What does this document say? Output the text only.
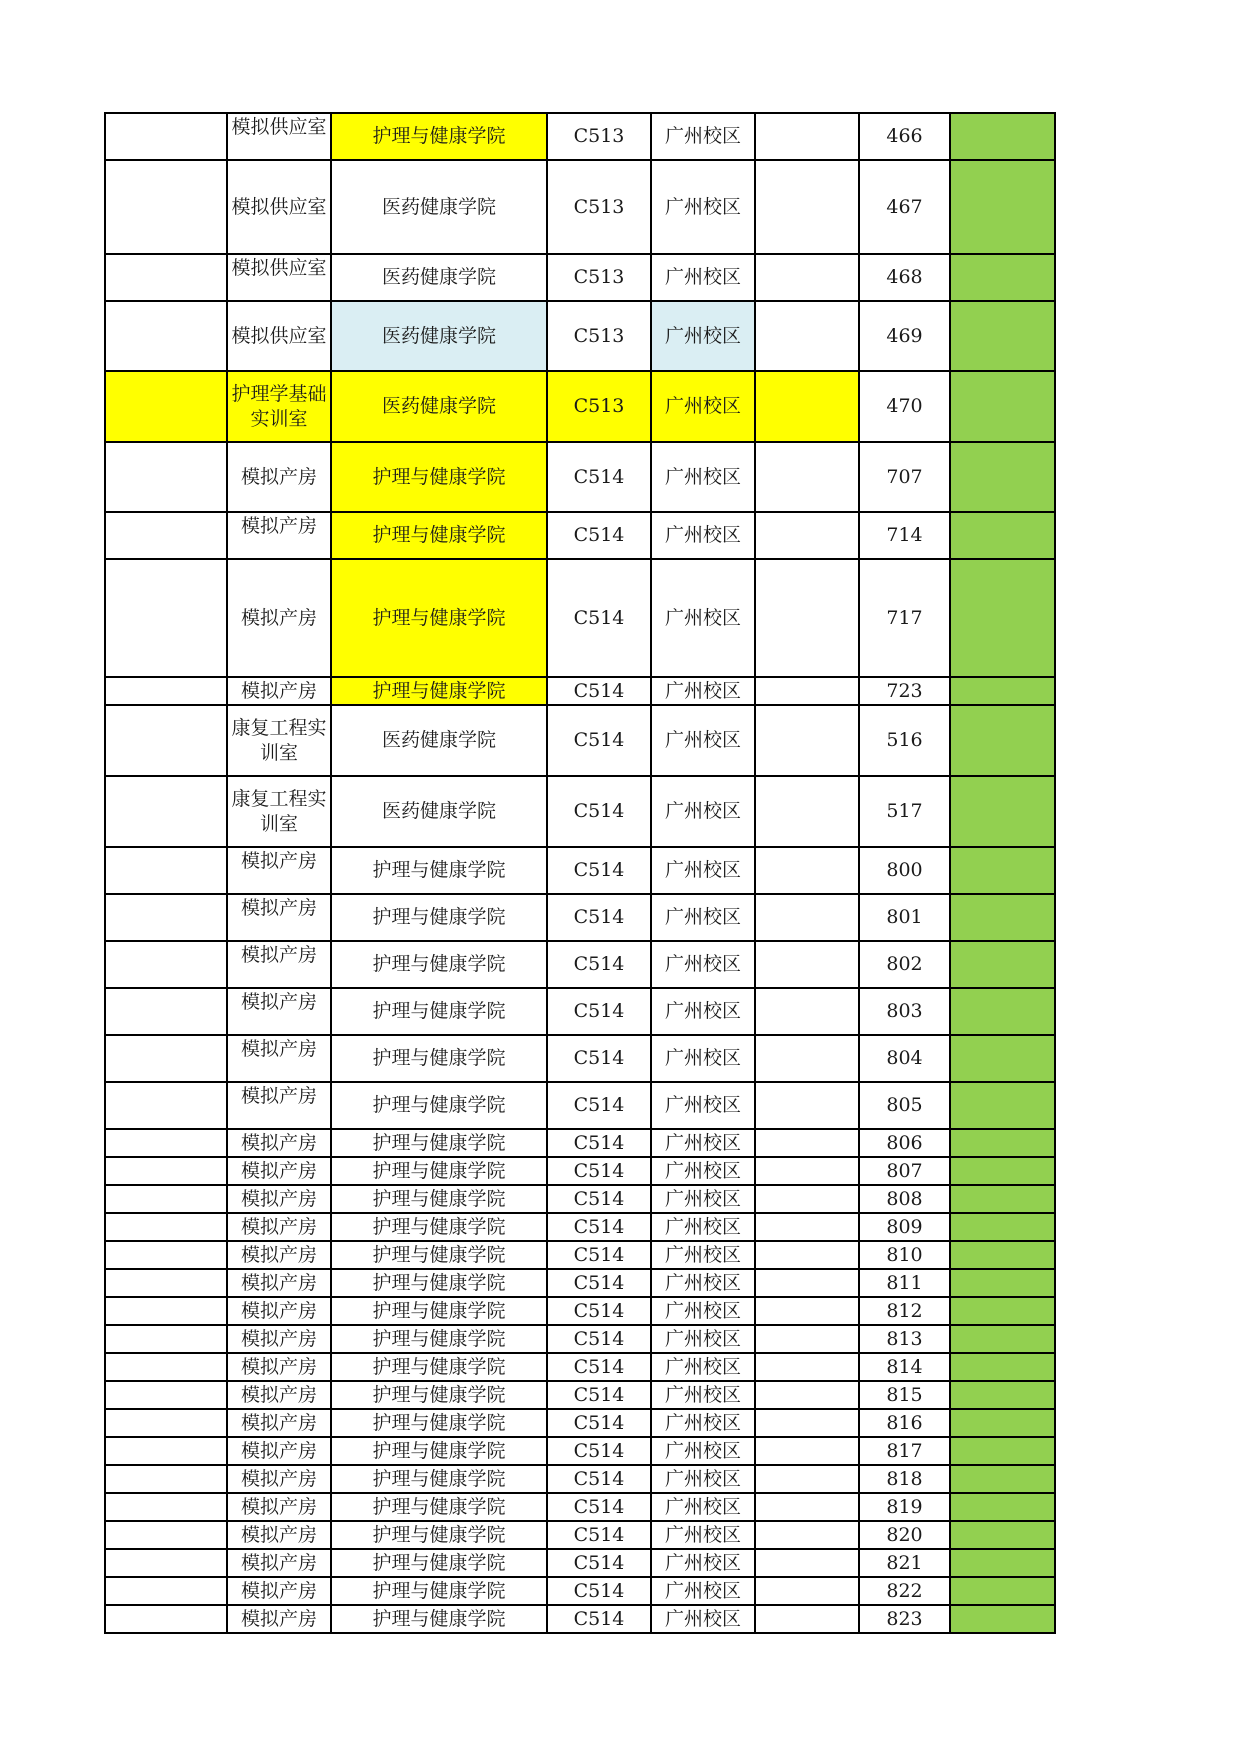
	模拟供应室	护理与健康学院	C513	广州校区		466	
	模拟供应室	医药健康学院	C513	广州校区		467	

	模拟供应室	医药健康学院	C513	广州校区		468	
	模拟供应室	医药健康学院	C513	广州校区		469	
	护理学基础实训室	医药健康学院	C513	广州校区		470	
	模拟产房	护理与健康学院	C514	广州校区		707	

	模拟产房	护理与健康学院	C514	广州校区		714	
	模拟产房	护理与健康学院	C514	广州校区		717	

	模拟产房	护理与健康学院	C514	广州校区		723	
	康复工程实训室	医药健康学院	C514	广州校区		516	
	康复工程实训室	医药健康学院	C514	广州校区		517	

	模拟产房	护理与健康学院	C514	广州校区		800	

	模拟产房	护理与健康学院	C514	广州校区		801	

	模拟产房	护理与健康学院	C514	广州校区		802	

	模拟产房	护理与健康学院	C514	广州校区		803	

	模拟产房	护理与健康学院	C514	广州校区		804	

	模拟产房	护理与健康学院	C514	广州校区		805	

	模拟产房	护理与健康学院	C514	广州校区		806	

	模拟产房	护理与健康学院	C514	广州校区		807	

	模拟产房	护理与健康学院	C514	广州校区		808	

	模拟产房	护理与健康学院	C514	广州校区		809	

	模拟产房	护理与健康学院	C514	广州校区		810	

	模拟产房	护理与健康学院	C514	广州校区		811	

	模拟产房	护理与健康学院	C514	广州校区		812	

	模拟产房	护理与健康学院	C514	广州校区		813	

	模拟产房	护理与健康学院	C514	广州校区		814	

	模拟产房	护理与健康学院	C514	广州校区		815	

	模拟产房	护理与健康学院	C514	广州校区		816	

	模拟产房	护理与健康学院	C514	广州校区		817	

	模拟产房	护理与健康学院	C514	广州校区		818	

	模拟产房	护理与健康学院	C514	广州校区		819	

	模拟产房	护理与健康学院	C514	广州校区		820	

	模拟产房	护理与健康学院	C514	广州校区		821	

	模拟产房	护理与健康学院	C514	广州校区		822	

	模拟产房	护理与健康学院	C514	广州校区		823	
